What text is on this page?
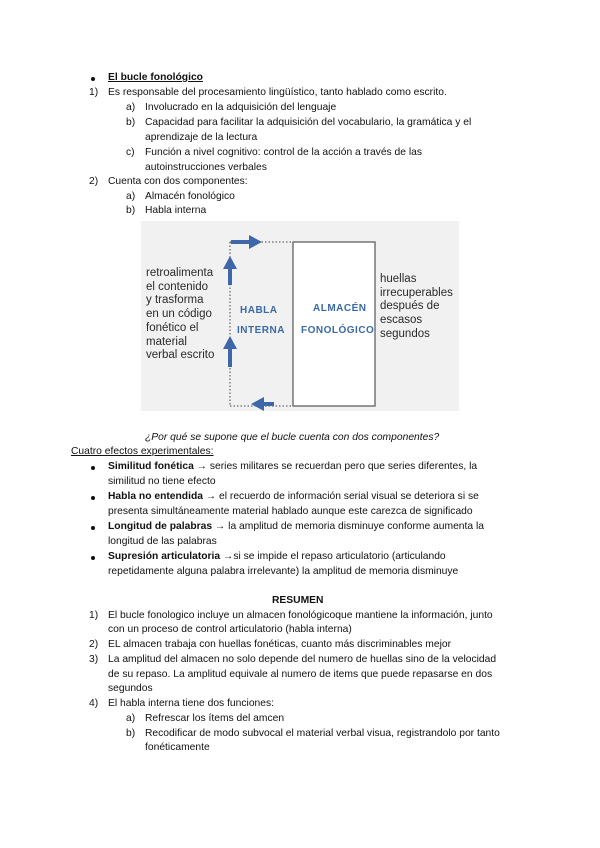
El bucle fonológico
1) Es responsable del procesamiento lingüístico, tanto hablado como escrito.
a) Involucrado en la adquisición del lenguaje
b) Capacidad para facilitar la adquisición del vocabulario, la gramática y el
aprendizaje de la lectura
c) Función a nivel cognitivo: control de la acción a través de las
autoinstrucciones verbales
2) Cuenta con dos componentes:
a) Almacén fonológico
b) Habla interna
retroalimenta
el contenido
y trasforma
en un código
fonético el
material
verbal escrito
HABLA
INTERNA
ALMACÉN
FONOLÓGICO
huellas
irrecuperables
después de
escasos
segundos
¿Por qué se supone que el bucle cuenta con dos componentes?
Cuatro efectos experimentales:
Similitud fonética → series militares se recuerdan pero que series diferentes, la
similitud no tiene efecto
Habla no entendida → el recuerdo de información serial visual se deteriora si se
presenta simultáneamente material hablado aunque este carezca de significado
Longitud de palabras → la amplitud de memoria disminuye conforme aumenta la
longitud de las palabras
Supresión articulatoria →si se impide el repaso articulatorio (articulando
repetidamente alguna palabra irrelevante) la amplitud de memoria disminuye
RESUMEN
1) El bucle fonologico incluye un almacen fonológicoque mantiene la información, junto
con un proceso de control articulatorio (habla interna)
2) EL almacen trabaja con huellas fonéticas, cuanto más discriminables mejor
3) La amplitud del almacen no solo depende del numero de huellas sino de la velocidad
de su repaso. La amplitud equivale al numero de items que puede repasarse en dos
segundos
4) El habla interna tiene dos funciones:
a) Refrescar los ítems del amcen
b) Recodificar de modo subvocal el material verbal visua, registrandolo por tanto
fonéticamente
